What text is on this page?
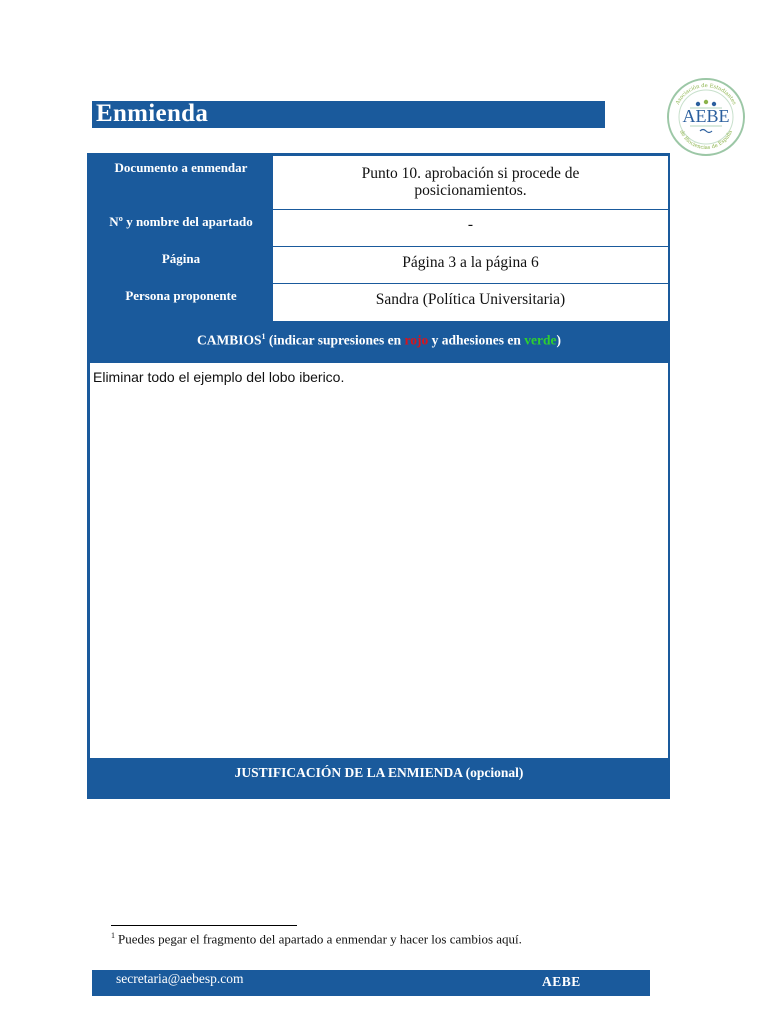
Enmienda	Asociación de Estudiantes
de Biociencias de España
AEBE
Documento a enmendar	Punto 10. aprobación si procede de
posicionamientos.
Nº y nombre del apartado	-
Página	Página 3 a la página 6
Persona proponente	Sandra (Política Universitaria)
CAMBIOS$^1$ (indicar supresiones en rojo y adhesiones en verde)
Eliminar todo el ejemplo del lobo iberico.
JUSTIFICACIÓN DE LA ENMIENDA (opcional)
$^1$ Puedes pegar el fragmento del apartado a enmendar y hacer los cambios aquí.
secretaria@aebesp.com	AEBE
